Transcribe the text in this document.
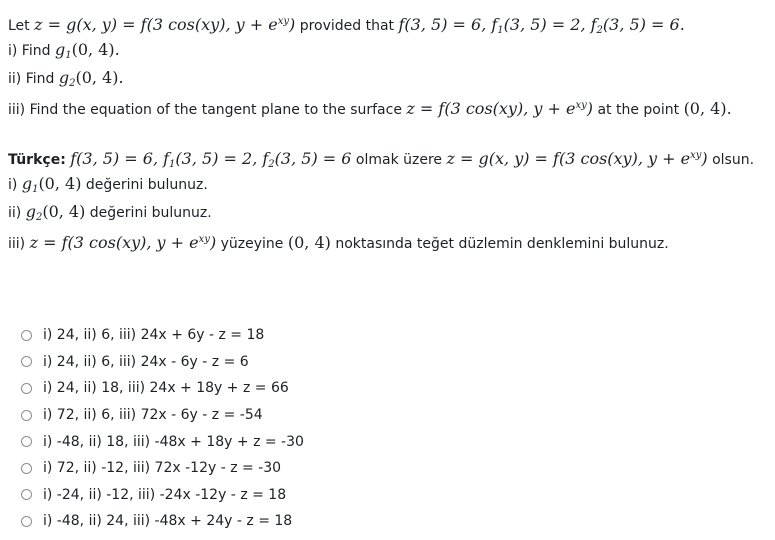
Let z = g(x, y) = f(3 cos(xy), $y + e^{xy}$) provided that f(3, 5) = 6, $f_1(3$, 5) = 2, $f_2(3$, 5) = 6.
i) Find $g_1(0$, 4).
ii) Find $g_2(0$, 4).
iii) Find the equation of the tangent plane to the surface z = f(3 cos(xy), $y + e^{xy}$) at the point (0, 4).
Türkçe: f(3, 5) = 6, $f_1(3$, 5) = 2, $f_2(3$, 5) = 6 olmak üzere z = g(x, y) = f(3 cos(xy), $y + e^{xy}$) olsun.
i) $g_1(0$, 4) değerini bulunuz.
ii) $g_2(0$, 4) değerini bulunuz.
iii) z = f(3 cos(xy), $y + e^{xy}$) yüzeyine (0, 4) noktasında teğet düzlemin denklemini bulunuz.
i) 24, ii) 6, iii) 24x + 6y - z = 18
i) 24, ii) 6, iii) 24x - 6y - z = 6
i) 24, ii) 18, iii) 24x + 18y + z = 66
i) 72, ii) 6, iii) 72x - 6y - z = -54
i) -48, ii) 18, iii) -48x + 18y + z = -30
i) 72, ii) -12, iii) 72x -12y - z = -30
i) -24, ii) -12, iii) -24x -12y - z = 18
i) -48, ii) 24, iii) -48x + 24y - z = 18
